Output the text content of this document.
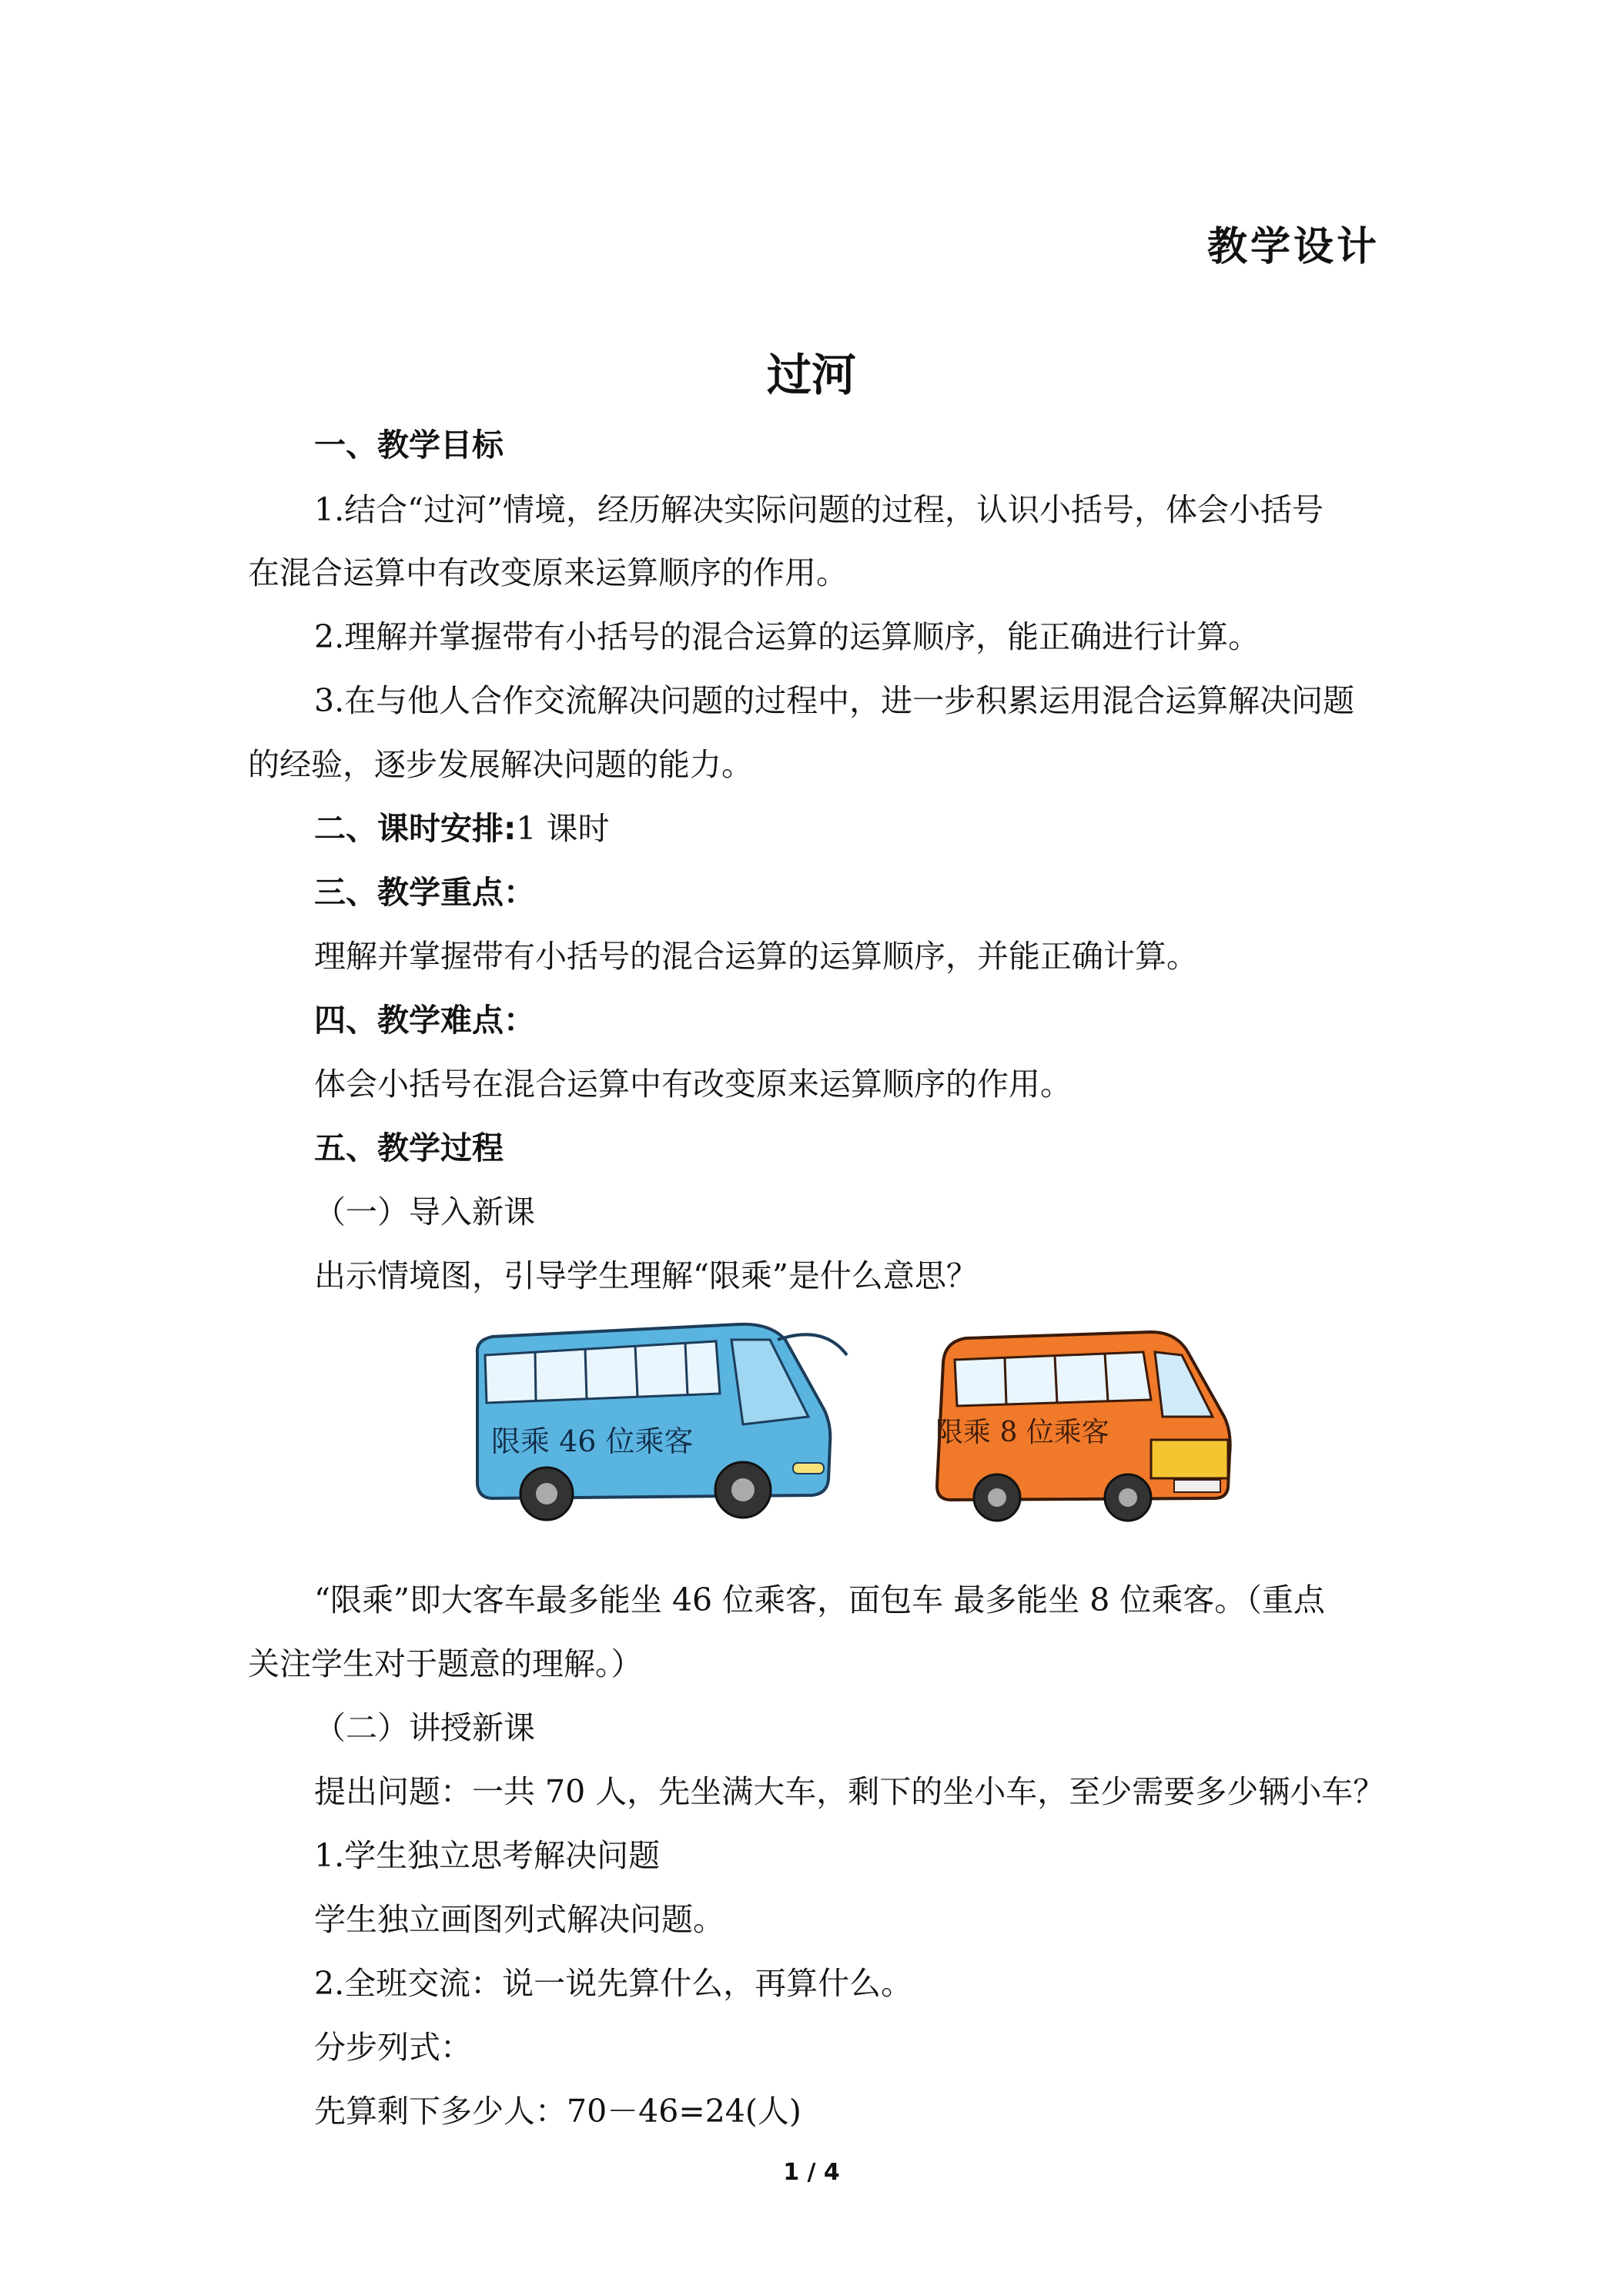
教学设计
过河
一、教学目标
1.结合“过河”情境，经历解决实际问题的过程，认识小括号，体会小括号
在混合运算中有改变原来运算顺序的作用。
2.理解并掌握带有小括号的混合运算的运算顺序，能正确进行计算。
3.在与他人合作交流解决问题的过程中，进一步积累运用混合运算解决问题
的经验，逐步发展解决问题的能力。
二、课时安排:1 课时
三、教学重点：
理解并掌握带有小括号的混合运算的运算顺序，并能正确计算。
四、教学难点：
体会小括号在混合运算中有改变原来运算顺序的作用。
五、教学过程
（一）导入新课
出示情境图，引导学生理解“限乘”是什么意思？
限乘 46 位乘客	限乘 8 位乘客
“限乘”即大客车最多能坐 46 位乘客，面包车 最多能坐 8 位乘客。（重点
关注学生对于题意的理解。）
（二）讲授新课
提出问题：一共 70 人，先坐满大车，剩下的坐小车，至少需要多少辆小车？
1.学生独立思考解决问题
学生独立画图列式解决问题。
2.全班交流：说一说先算什么，再算什么。
分步列式：
先算剩下多少人：70－46=24(人)
1 / 4
